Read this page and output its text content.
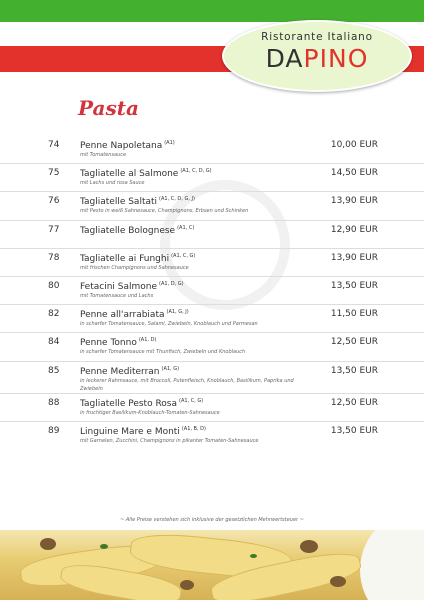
Ristorante Italiano
DAPINO
Pasta
74 Penne Napoletana $^{(A1)}$
mit Tomatensauce
10,00 EUR
75 Tagliatelle al Salmone $^{(A1, C, D, G)}$
mit Lachs und rosa Sauce
14,50 EUR
76 Tagliatelle Saltati $^{(A1, C, D, G, J)}$
mit Pesto in weiß Sahnesauce, Champignons, Erbsen und Schinken
13,90 EUR
77 Tagliatelle Bolognese $^{(A1, C)}$	12,90 EUR
78 Tagliatelle ai Funghi $^{(A1, C, G)}$
mit frischen Champignons und Sahnesauce
13,90 EUR
80 Fetacini Salmone $^{(A1, D, G)}$
mit Tomatensauce und Lachs
13,50 EUR
82 Penne all'arrabiata $^{(A1, G, J)}$
in scharfer Tomatensauce, Salami, Zwiebeln, Knoblauch und Parmesan
11,50 EUR
84 Penne Tonno $^{(A1, D)}$
in scharfer Tomatensauce mit Thunfisch, Zwiebeln und Knoblauch
12,50 EUR
85 Penne Mediterran $^{(A1, G)}$
in leckerer Rahmsauce, mit Broccoli, Putenfleisch, Knoblauch, Basilikum, Paprika und Zwiebeln
13,50 EUR
88 Tagliatelle Pesto Rosa $^{(A1, C, G)}$
in fruchtiger Basilikum-Knoblauch-Tomaten-Sahnesauce
12,50 EUR
89 Linguine Mare e Monti $^{(A1, B, D)}$
mit Garnelen, Zucchini, Champignons in pikanter Tomaten-Sahnesauce
13,50 EUR
~ Alle Preise verstehen sich inklusive der gesetzlichen Mehrwertsteuer ~
